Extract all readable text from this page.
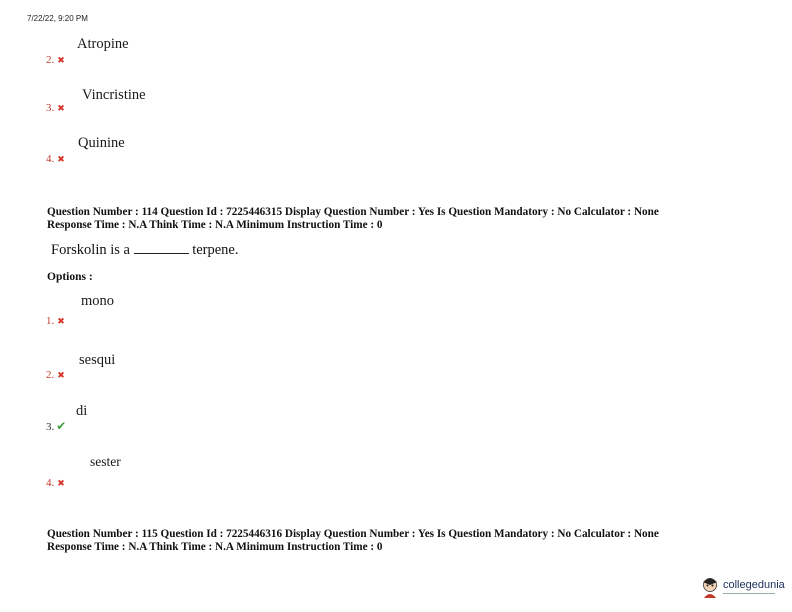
7/22/22, 9:20 PM
Atropine
2. ✖
Vincristine
3. ✖
Quinine
4. ✖
Question Number : 114 Question Id : 7225446315 Display Question Number : Yes Is Question Mandatory : No Calculator : None
Response Time : N.A Think Time : N.A Minimum Instruction Time : 0
Forskolin is a	terpene.
Options :
mono
1. ✖
sesqui
2. ✖
di
3. ✔
sester
4. ✖
Question Number : 115 Question Id : 7225446316 Display Question Number : Yes Is Question Mandatory : No Calculator : None
Response Time : N.A Think Time : N.A Minimum Instruction Time : 0
collegedunia
